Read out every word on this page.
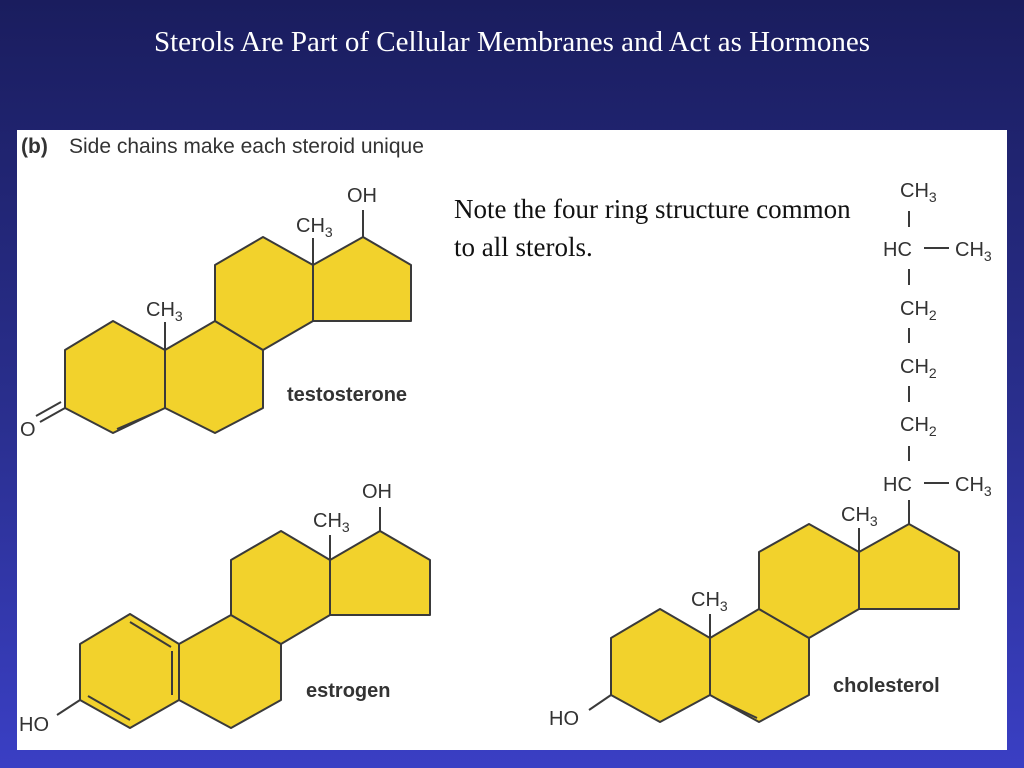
Sterols Are Part of Cellular Membranes and Act as Hormones
(b) Side chains make each steroid unique
OH
$CH_3$
$CH_3$
O
testosterone
OH
$CH_3$
HO
estrogen
$CH_3$
HC $CH_3$
$CH_2$
$CH_2$
$CH_2$
HC $CH_3$
$CH_3$
$CH_3$
HO
cholesterol
Note the four ring structure common to all sterols.
